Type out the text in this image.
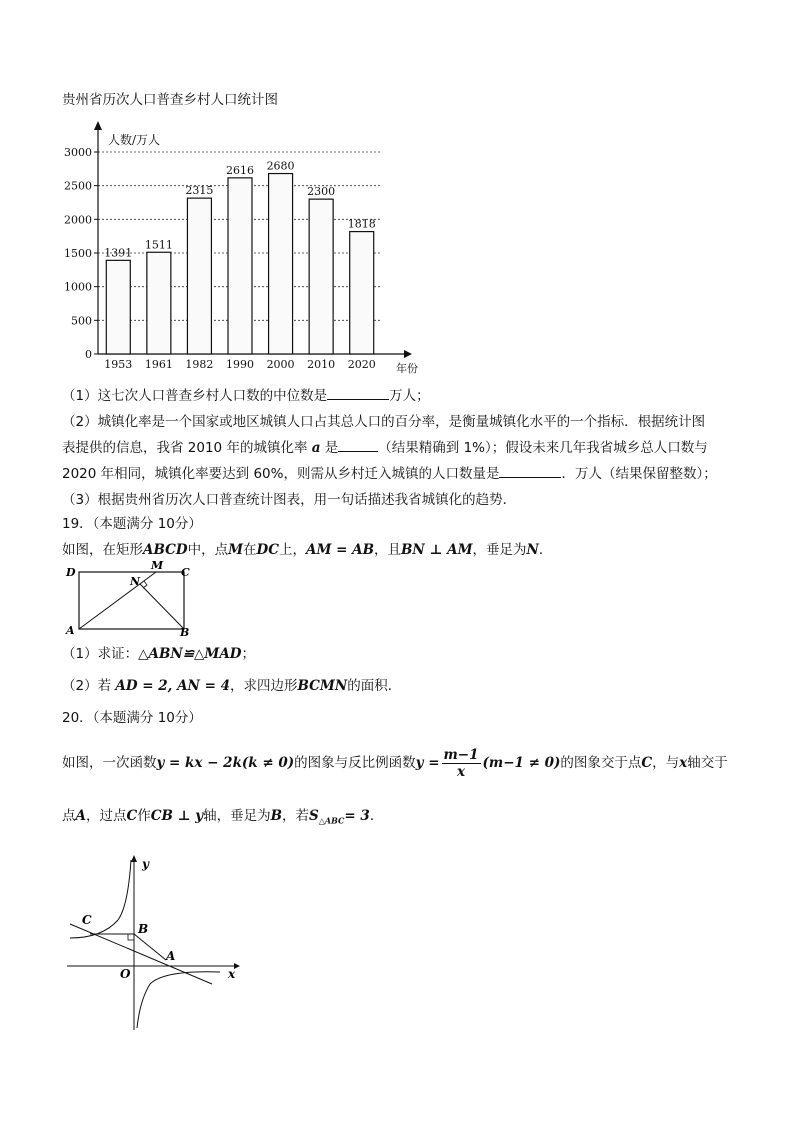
贵州省历次人口普查乡村人口统计图
0
500
1000
1500
2000
2500
3000
人数/万人
年份
1391
1953
1511
1961
2315
1982
2616
1990
2680
2000
2300
2010
1818
2020
（1）这七次人口普查乡村人口数的中位数是	万人；
（2）城镇化率是一个国家或地区城镇人口占其总人口的百分率，是衡量城镇化水平的一个指标．根据统计图
表提供的信息，我省 2010 年的城镇化率 a 是	（结果精确到 1%）；假设未来几年我省城乡总人口数与
2020 年相同，城镇化率要达到 60%，则需从乡村迁入城镇的人口数量是	．万人（结果保留整数）；
（3）根据贵州省历次人口普查统计图表，用一句话描述我省城镇化的趋势．
19．（本题满分 10分）
如图，在矩形ABCD中，点M在DC上，AM = AB，且BN ⊥ AM，垂足为N．
D
M
C
N
A	B
（1）求证：△ABN≌△MAD；
（2）若 AD = 2, AN = 4，求四边形BCMN的面积．
20．（本题满分 10分）
如图，一次函数y = kx − 2k(k ≠ 0)的图象与反比例函数$y = \frac{m-1}{x} (m-1 \ne 0)$的图象交于点C，与x轴交于
点A，过点C作CB ⊥ y轴，垂足为B，若$S_{\triangle ABC}= 3$．
y
C
B
A
O	x
